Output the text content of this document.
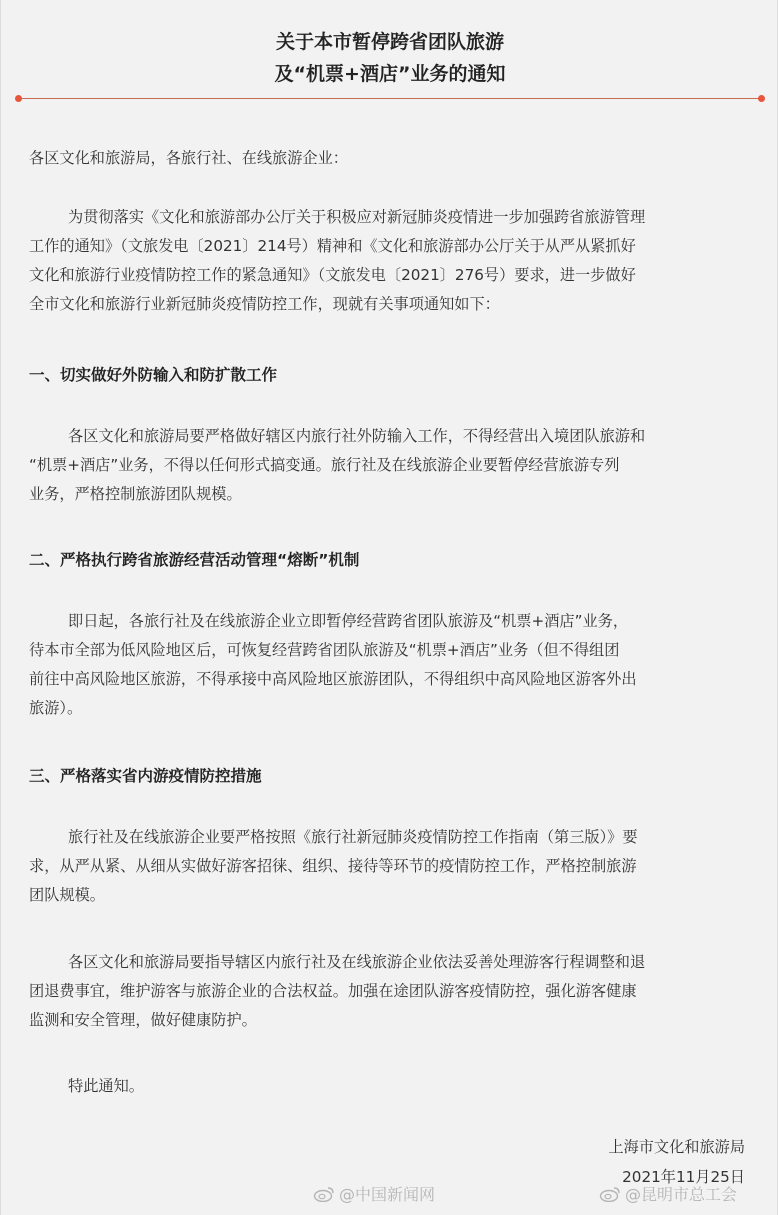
关于本市暂停跨省团队旅游
及“机票+酒店”业务的通知
各区文化和旅游局，各旅行社、在线旅游企业：
为贯彻落实《文化和旅游部办公厅关于积极应对新冠肺炎疫情进一步加强跨省旅游管理
工作的通知》（文旅发电〔2021〕214号）精神和《文化和旅游部办公厅关于从严从紧抓好
文化和旅游行业疫情防控工作的紧急通知》（文旅发电〔2021〕276号）要求，进一步做好
全市文化和旅游行业新冠肺炎疫情防控工作，现就有关事项通知如下：
一、切实做好外防输入和防扩散工作
各区文化和旅游局要严格做好辖区内旅行社外防输入工作，不得经营出入境团队旅游和
“机票+酒店”业务，不得以任何形式搞变通。旅行社及在线旅游企业要暂停经营旅游专列
业务，严格控制旅游团队规模。
二、严格执行跨省旅游经营活动管理“熔断”机制
即日起，各旅行社及在线旅游企业立即暂停经营跨省团队旅游及“机票+酒店”业务，
待本市全部为低风险地区后，可恢复经营跨省团队旅游及“机票+酒店”业务（但不得组团
前往中高风险地区旅游，不得承接中高风险地区旅游团队，不得组织中高风险地区游客外出
旅游）。
三、严格落实省内游疫情防控措施
旅行社及在线旅游企业要严格按照《旅行社新冠肺炎疫情防控工作指南（第三版）》要
求，从严从紧、从细从实做好游客招徕、组织、接待等环节的疫情防控工作，严格控制旅游
团队规模。
各区文化和旅游局要指导辖区内旅行社及在线旅游企业依法妥善处理游客行程调整和退
团退费事宜，维护游客与旅游企业的合法权益。加强在途团队游客疫情防控，强化游客健康
监测和安全管理，做好健康防护。
特此通知。
上海市文化和旅游局
2021年11月25日
@中国新闻网	@昆明市总工会
